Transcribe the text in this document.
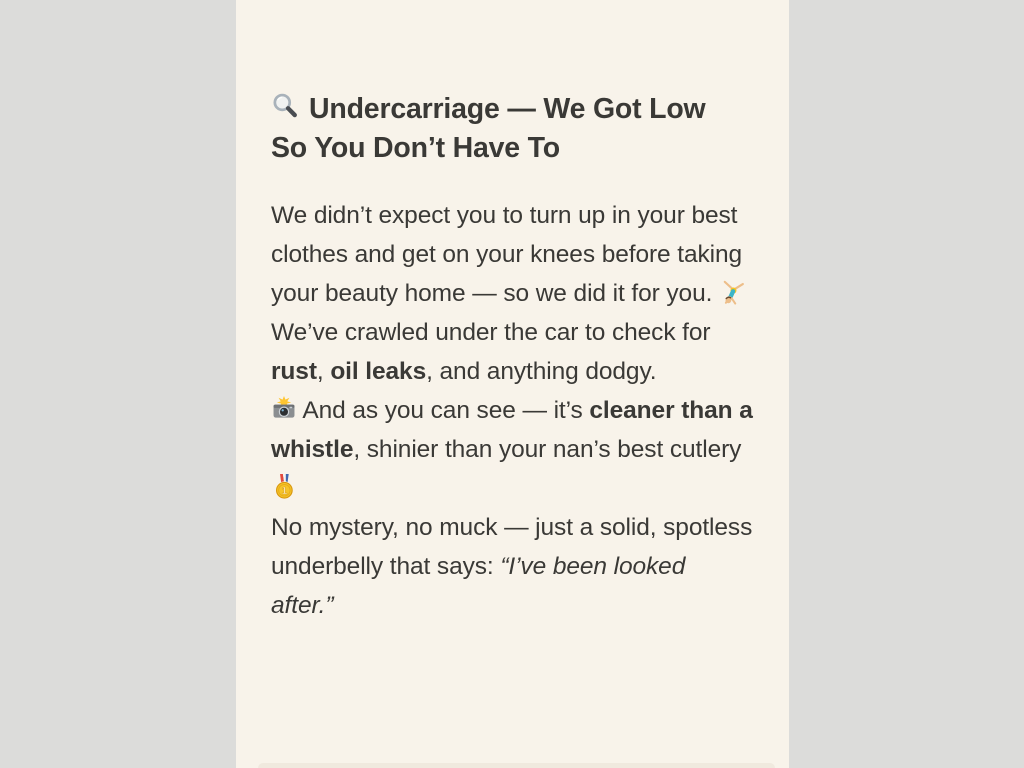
Undercarriage — We Got Low So You Don’t Have To

We didn’t expect you to turn up in your best clothes and get on your knees before taking your beauty home — so we did it for you.

We’ve crawled under the car to check for rust, oil leaks, and anything dodgy.

And as you can see — it’s cleaner than a whistle, shinier than your nan’s best cutlery
1

No mystery, no muck — just a solid, spotless underbelly that says: “I’ve been looked after.”
